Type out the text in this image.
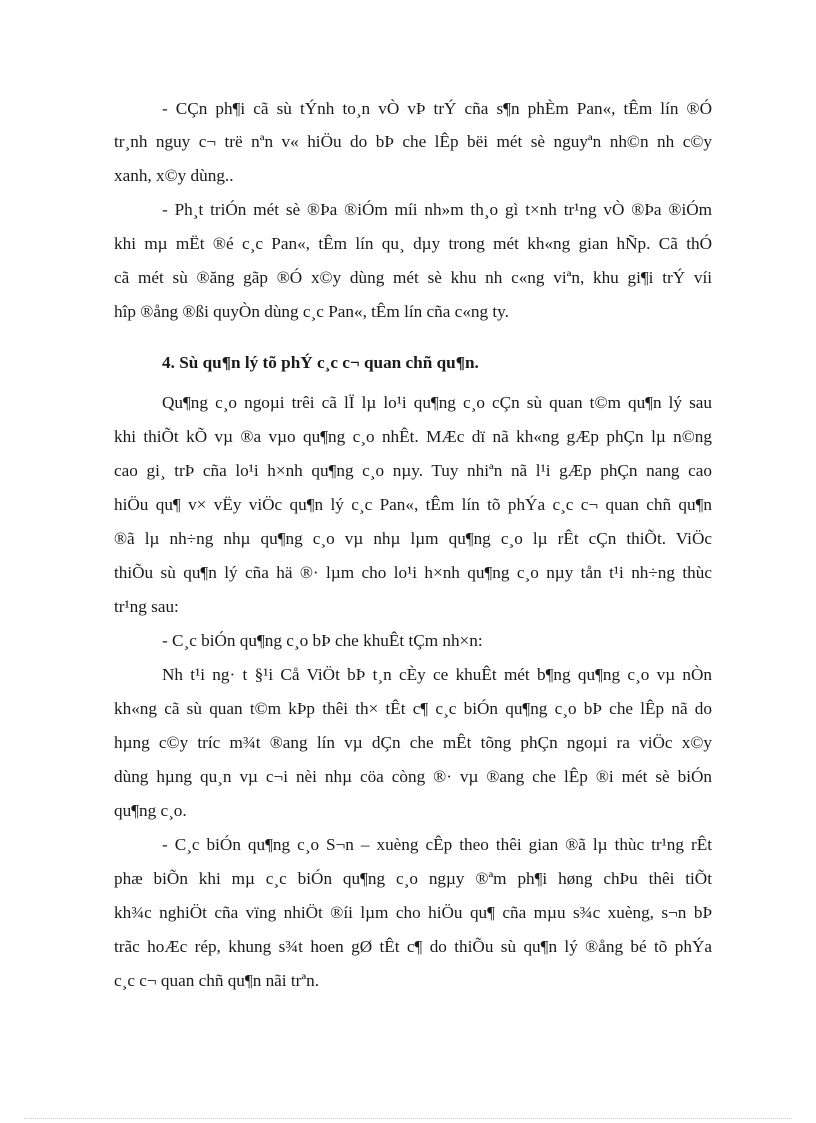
- CÇn ph¶i cã sù tÝnh to¸n vÒ vÞ trÝ cña s¶n phÈm Pan«, tÊm lín ®Ó
tr¸nh nguy c¬ trë nªn v« hiÖu do bÞ che lÊp bëi mét sè nguyªn nh©n nh c©y
xanh, x©y dùng..
- Ph¸t triÓn mét sè ®Þa ®iÓm míi nh»m th¸o gì t×nh tr¹ng vÒ ®Þa ®iÓm
khi mµ mËt ®é c¸c Pan«, tÊm lín qu¸ dµy trong mét kh«ng gian hÑp. Cã thÓ
cã mét sù ®ăng gãp ®Ó x©y dùng mét sè khu nh c«ng viªn, khu gi¶i trÝ víi
hîp ®ång ®ßi quyÒn dùng c¸c Pan«, tÊm lín cña c«ng ty.
4. Sù qu¶n lý tõ phÝ c¸c c¬ quan chñ qu¶n.
Qu¶ng c¸o ngoµi trêi cã lÏ lµ lo¹i qu¶ng c¸o cÇn sù quan t©m qu¶n lý sau
khi thiÕt kÕ vµ ®a vµo qu¶ng c¸o nhÊt. MÆc dï nã kh«ng gÆp phÇn lµ n©ng
cao gi¸ trÞ cña lo¹i h×nh qu¶ng c¸o nµy. Tuy nhiªn nã l¹i gÆp phÇn nang cao
hiÖu qu¶ v× vËy viÖc qu¶n lý c¸c Pan«, tÊm lín tõ phÝa c¸c c¬ quan chñ qu¶n
®ã lµ nh÷ng nhµ qu¶ng c¸o vµ nhµ lµm qu¶ng c¸o lµ rÊt cÇn thiÕt. ViÖc
thiÕu sù qu¶n lý cña hä ®· lµm cho lo¹i h×nh qu¶ng c¸o nµy tån t¹i nh÷ng thùc
tr¹ng sau:
- C¸c biÓn qu¶ng c¸o bÞ che khuÊt tÇm nh×n:
Nh t¹i ng· t §¹i Cå ViÖt bÞ t¸n cÈy ce khuÊt mét b¶ng qu¶ng c¸o vµ nÒn
kh«ng cã sù quan t©m kÞp thêi th× tÊt c¶ c¸c biÓn qu¶ng c¸o bÞ che lÊp nã do
hµng c©y tríc m¾t ®ang lín vµ dÇn che mÊt tõng phÇn ngoµi ra viÖc x©y
dùng hµng qu¸n vµ c¬i nèi nhµ cöa còng ®· vµ ®ang che lÊp ®i mét sè biÓn
qu¶ng c¸o.
- C¸c biÓn qu¶ng c¸o S¬n – xuèng cÊp theo thêi gian ®ã lµ thùc tr¹ng rÊt
phæ biÕn khi mµ c¸c biÓn qu¶ng c¸o ngµy ®ªm ph¶i høng chÞu thêi tiÕt
kh¾c nghiÖt cña vïng nhiÖt ®íi lµm cho hiÖu qu¶ cña mµu s¾c xuèng, s¬n bÞ
trãc hoÆc rép, khung s¾t hoen gØ tÊt c¶ do thiÕu sù qu¶n lý ®ång bé tõ phÝa
c¸c c¬ quan chñ qu¶n nãi trªn.
